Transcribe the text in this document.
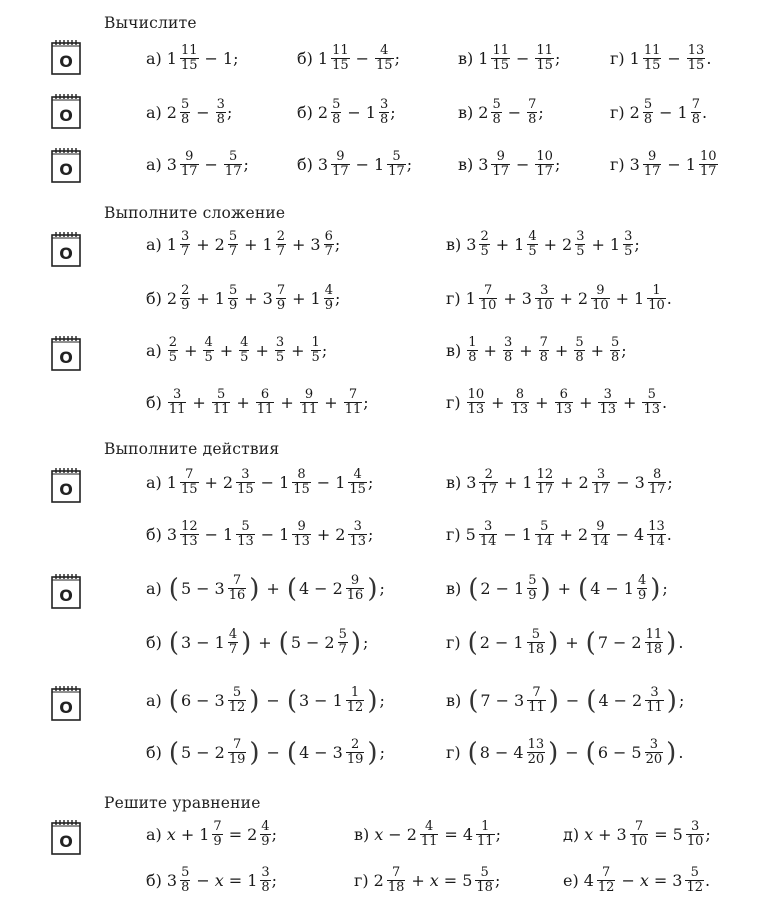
Вычислите
Выполните сложение
Выполните действия
Решите уравнение
O
O
O
O
O
O
O
O
O
а) $1 \frac{11}{15} - 1$;	б) $1 \frac{11}{15} - \frac{4}{15}$ ;	в) $1 \frac{11}{15} - \frac{11}{15}$ ;	г) $1 \frac{11}{15} - \frac{13}{15}$ .
а) $2 \frac{5}{8} - \frac{3}{8}$ ;	б) $2 \frac{5}{8} - 1 \frac{3}{8}$ ;	в) $2 \frac{5}{8} - \frac{7}{8}$ ;	г) $2 \frac{5}{8} - 1 \frac{7}{8}$ .
а) $3 \frac{9}{17} - \frac{5}{17}$ ;	б) $3 \frac{9}{17} - 1 \frac{5}{17}$ ;	в) $3 \frac{9}{17} - \frac{10}{17}$ ;	г) $3 \frac{9}{17} - 1 \frac{10}{17}$
а) $1 \frac{3}{7} + 2 \frac{5}{7} + 1 \frac{2}{7} + 3 \frac{6}{7}$ ;	в) $3 \frac{2}{5} + 1 \frac{4}{5} + 2 \frac{3}{5} + 1 \frac{3}{5}$ ;
б) $2 \frac{2}{9} + 1 \frac{5}{9} + 3 \frac{7}{9} + 1 \frac{4}{9}$ ;	г) $1 \frac{7}{10} + 3 \frac{3}{10} + 2 \frac{9}{10} + 1 \frac{1}{10}$ .
$а) \frac{2}{5} + \frac{4}{5} + \frac{4}{5} + \frac{3}{5} + \frac{1}{5}$ ;	$в) \frac{1}{8} + \frac{3}{8} + \frac{7}{8} + \frac{5}{8} + \frac{5}{8}$ ;
$б) \frac{3}{11} + \frac{5}{11} + \frac{6}{11} + \frac{9}{11} + \frac{7}{11}$ ;	$г) \frac{10}{13} + \frac{8}{13} + \frac{6}{13} + \frac{3}{13} + \frac{5}{13}$ .
а) $1 \frac{7}{15} + 2 \frac{3}{15} - 1 \frac{8}{15} - 1 \frac{4}{15}$ ;	в) $3 \frac{2}{17} + 1 \frac{12}{17} + 2 \frac{3}{17} - 3 \frac{8}{17}$ ;
б) $3 \frac{12}{13} - 1 \frac{5}{13} - 1 \frac{9}{13} + 2 \frac{3}{13}$ ;	г) $5 \frac{3}{14} - 1 \frac{5}{14} + 2 \frac{9}{14} - 4 \frac{13}{14}$ .
а) ( $5 - 3 \frac{7}{16}$ ) + ( $4 - 2 \frac{9}{16}$ ) ;	в) ( $2 - 1 \frac{5}{9}$ ) + ( $4 - 1 \frac{4}{9}$ ) ;
б) ( $3 - 1 \frac{4}{7}$ ) + ( $5 - 2 \frac{5}{7}$ ) ;	г) ( $2 - 1 \frac{5}{18}$ ) + ( $7 - 2 \frac{11}{18}$ ) .
а) ( $6 - 3 \frac{5}{12}$ ) − ( $3 - 1 \frac{1}{12}$ ) ;	в) ( $7 - 3 \frac{7}{11}$ ) − ( $4 - 2 \frac{3}{11}$ ) ;
б) ( $5 - 2 \frac{7}{19}$ ) − ( $4 - 3 \frac{2}{19}$ ) ;	г) ( $8 - 4 \frac{13}{20}$ ) − ( $6 - 5 \frac{3}{20}$ ) .
а) $x + 1 \frac{7}{9} = 2 \frac{4}{9}$ ;	в) $x - 2 \frac{4}{11} = 4 \frac{1}{11}$ ;	д) $x + 3 \frac{7}{10} = 5 \frac{3}{10}$ ;
б) $3 \frac{5}{8} - x = 1 \frac{3}{8}$ ;	г) $2 \frac{7}{18} + x = 5 \frac{5}{18}$ ;	е) $4 \frac{7}{12} - x = 3 \frac{5}{12}$ .
